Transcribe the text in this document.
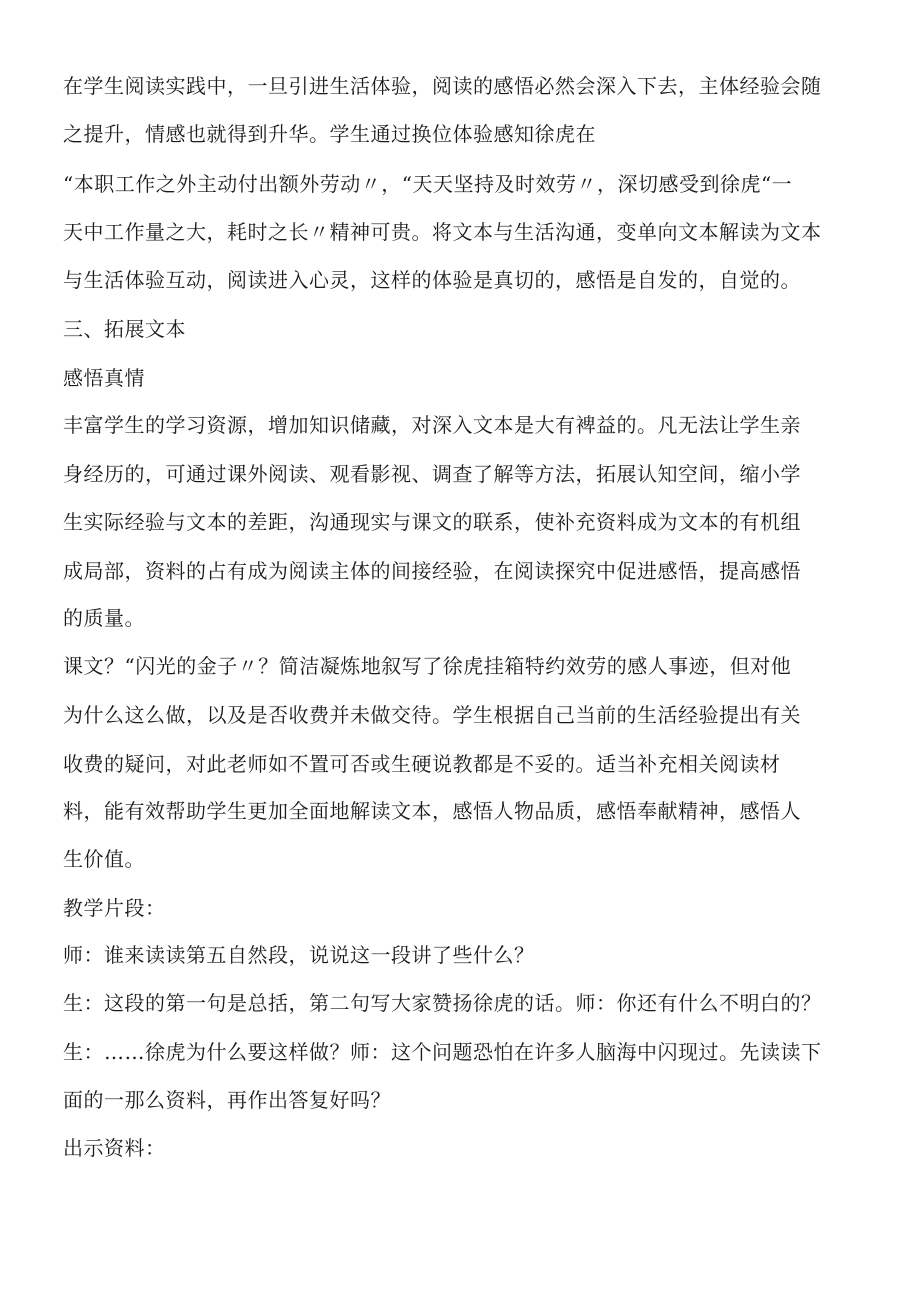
在学生阅读实践中，一旦引进生活体验，阅读的感悟必然会深入下去，主体经验会随

之提升，情感也就得到升华。学生通过换位体验感知徐虎在

“本职工作之外主动付出额外劳动〃，“天天坚持及时效劳〃，深切感受到徐虎“一

天中工作量之大，耗时之长〃精神可贵。将文本与生活沟通，变单向文本解读为文本

与生活体验互动，阅读进入心灵，这样的体验是真切的，感悟是自发的，自觉的。

三、拓展文本

感悟真情

丰富学生的学习资源，增加知识储藏，对深入文本是大有裨益的。凡无法让学生亲

身经历的，可通过课外阅读、观看影视、调查了解等方法，拓展认知空间，缩小学

生实际经验与文本的差距，沟通现实与课文的联系，使补充资料成为文本的有机组

成局部，资料的占有成为阅读主体的间接经验，在阅读探究中促进感悟，提高感悟

的质量。

课文？“闪光的金子〃？简洁凝炼地叙写了徐虎挂箱特约效劳的感人事迹，但对他

为什么这么做，以及是否收费并未做交待。学生根据自己当前的生活经验提出有关

收费的疑问，对此老师如不置可否或生硬说教都是不妥的。适当补充相关阅读材

料，能有效帮助学生更加全面地解读文本，感悟人物品质，感悟奉献精神，感悟人

生价值。

教学片段：

师：谁来读读第五自然段，说说这一段讲了些什么？

生：这段的第一句是总括，第二句写大家赞扬徐虎的话。师：你还有什么不明白的？

生：……徐虎为什么要这样做？师：这个问题恐怕在许多人脑海中闪现过。先读读下

面的一那么资料，再作出答复好吗？

出示资料：
